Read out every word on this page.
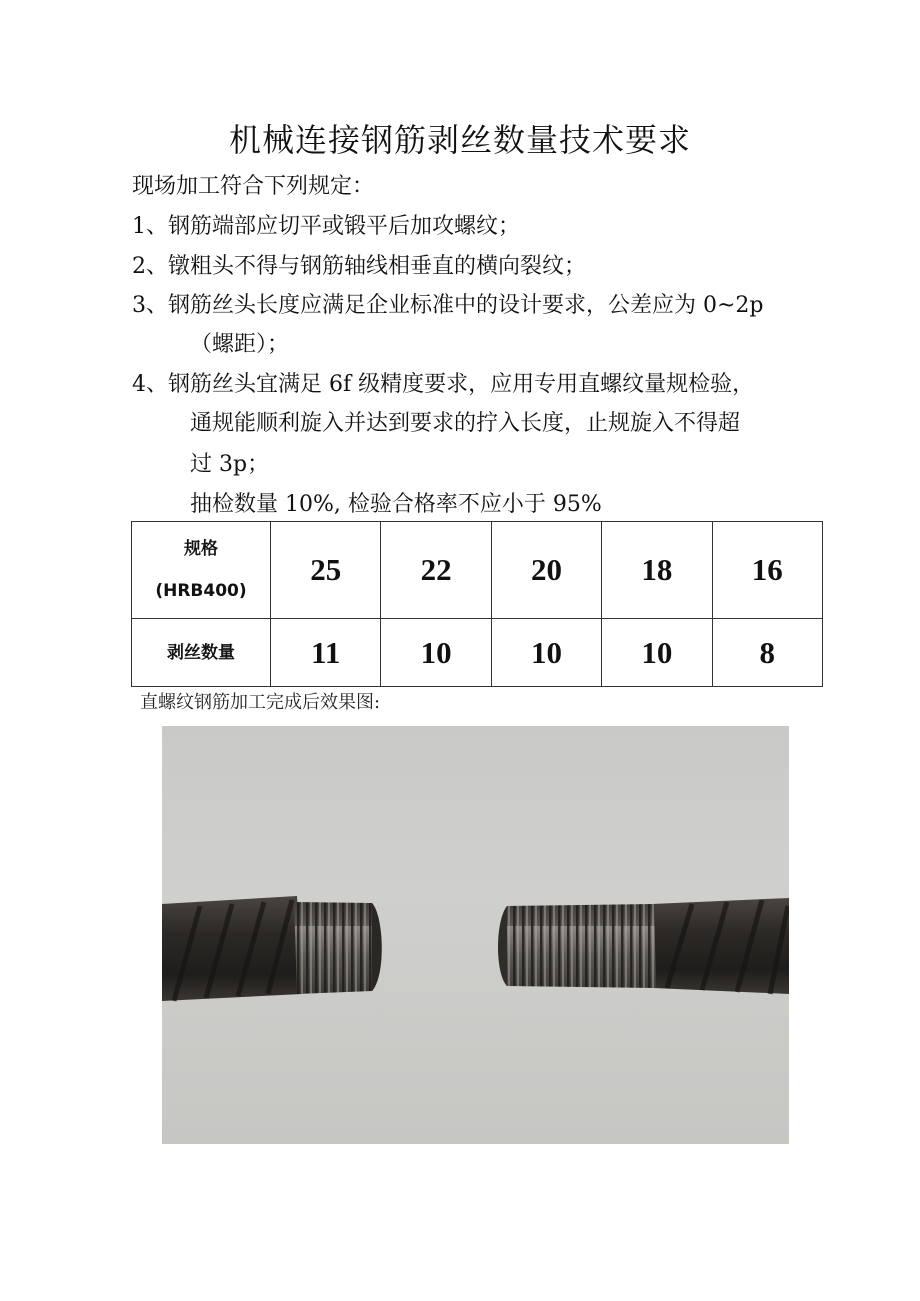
机械连接钢筋剥丝数量技术要求
现场加工符合下列规定：
1、钢筋端部应切平或锻平后加攻螺纹；
2、镦粗头不得与钢筋轴线相垂直的横向裂纹；
3、钢筋丝头长度应满足企业标准中的设计要求，公差应为 0~2p
（螺距）；
4、钢筋丝头宜满足 6f 级精度要求，应用专用直螺纹量规检验，
通规能顺利旋入并达到要求的拧入长度，止规旋入不得超
过 3p；
抽检数量 10%, 检验合格率不应小于 95%
规格
(HRB400)	25	22	20	18	16
剥丝数量	11	10	10	10	8
直螺纹钢筋加工完成后效果图:
